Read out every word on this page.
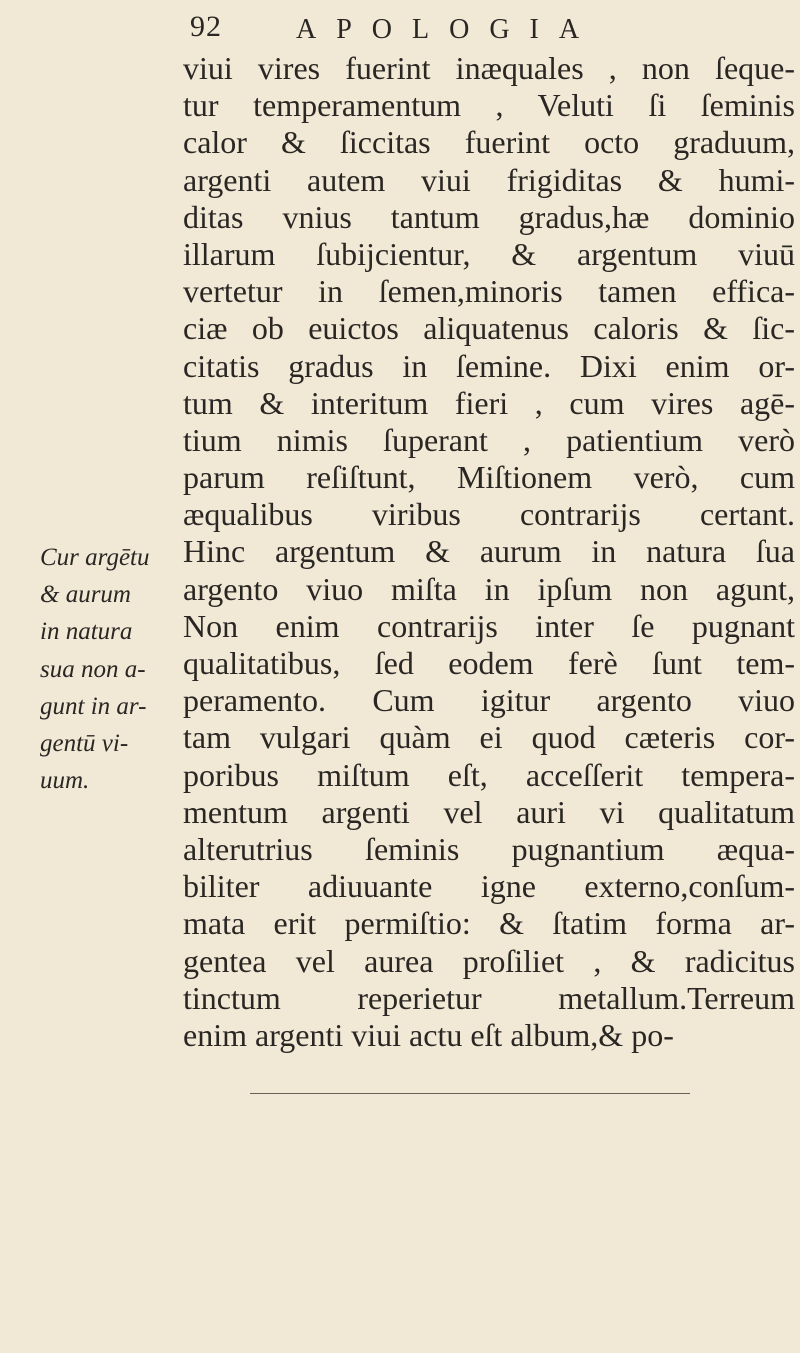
92	APOLOGIA
viui vires fuerint inæquales , non ſeque-
tur temperamentum , Veluti ſi ſeminis
calor & ſiccitas fuerint octo graduum,
argenti autem viui frigiditas & humi-
ditas vnius tantum gradus,hæ dominio
illarum ſubijcientur, & argentum viuū
vertetur in ſemen,minoris tamen effica-
ciæ ob euictos aliquatenus caloris & ſic-
citatis gradus in ſemine. Dixi enim or-
tum & interitum fieri , cum vires agē-
tium nimis ſuperant , patientium verò
parum reſiſtunt, Miſtionem verò, cum
æqualibus viribus contrarijs certant.
Hinc argentum & aurum in natura ſua
argento viuo miſta in ipſum non agunt,
Non enim contrarijs inter ſe pugnant
qualitatibus, ſed eodem ferè ſunt tem-
peramento. Cum igitur argento viuo
tam vulgari quàm ei quod cæteris cor-
poribus miſtum eſt, acceſſerit tempera-
mentum argenti vel auri vi qualitatum
alterutrius ſeminis pugnantium æqua-
biliter adiuuante igne externo,conſum-
mata erit permiſtio: & ſtatim forma ar-
gentea vel aurea proſiliet , & radicitus
tinctum reperietur metallum.Terreum
enim argenti viui actu eſt album,& po-
Cur argētu
& aurum
in natura
sua non a-
gunt in ar-
gentū vi-
uum.
